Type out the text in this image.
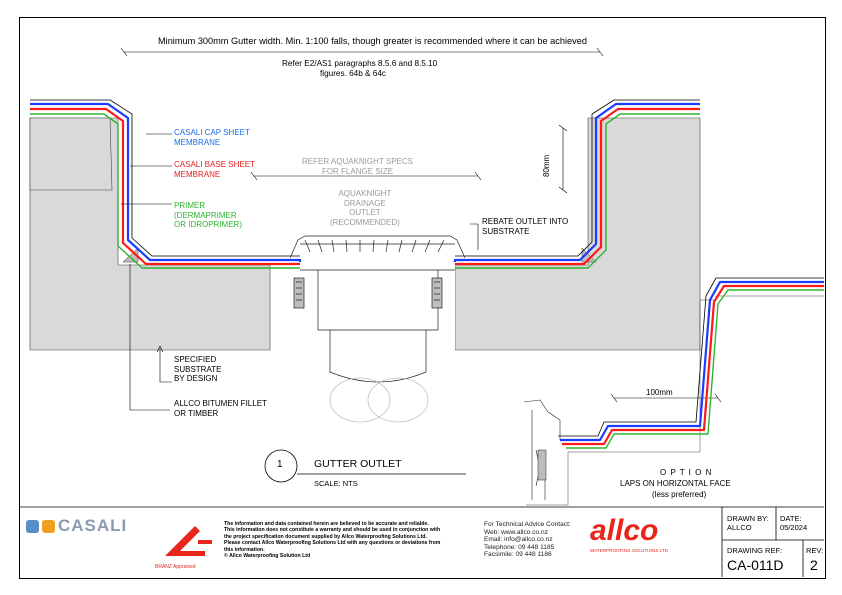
Minimum 300mm Gutter width. Min. 1:100 falls, though greater is recommended where it can be achieved
Refer E2/AS1 paragraphs 8.5.6 and 8.5.10
figures. 64b & 64c
CASALI CAP SHEET
MEMBRANE
CASALI BASE SHEET
MEMBRANE
PRIMER
(DERMAPRIMER
OR IDROPRIMER)
REFER AQUAKNIGHT SPECS
FOR FLANGE SIZE
AQUAKNIGHT
DRAINAGE
OUTLET
(RECOMMENDED)	REBATE OUTLET INTO
SUBSTRATE
80mm
SPECIFIED
SUBSTRATE
BY DESIGN
ALLCO BITUMEN FILLET
OR TIMBER
100mm
O P T I O N
LAPS ON HORIZONTAL FACE
(less preferred)
1	GUTTER OUTLET
SCALE: NTS
CASALI
BRANZ Appraised
The information and data contained herein are believed to be accurate and reliable.
This information does not constitute a warranty and should be used in conjunction with
the project specification document supplied by Allco Waterproofing Solutions Ltd.
Please contact Allco Waterproofing Solutions Ltd with any questions or deviations from
this information.
© Allco Waterproofing Solution Ltd
For Technical Advice Contact:
Web: www.allco.co.nz
Email: info@allco.co.nz
Telephone: 09 448 1185
Facsimile: 09 448 1186
allco
WATERPROOFING SOLUTIONS LTD
DRAWN BY:
ALLCO
DATE:
05/2024
DRAWING REF:
CA-011D
REV:
2
